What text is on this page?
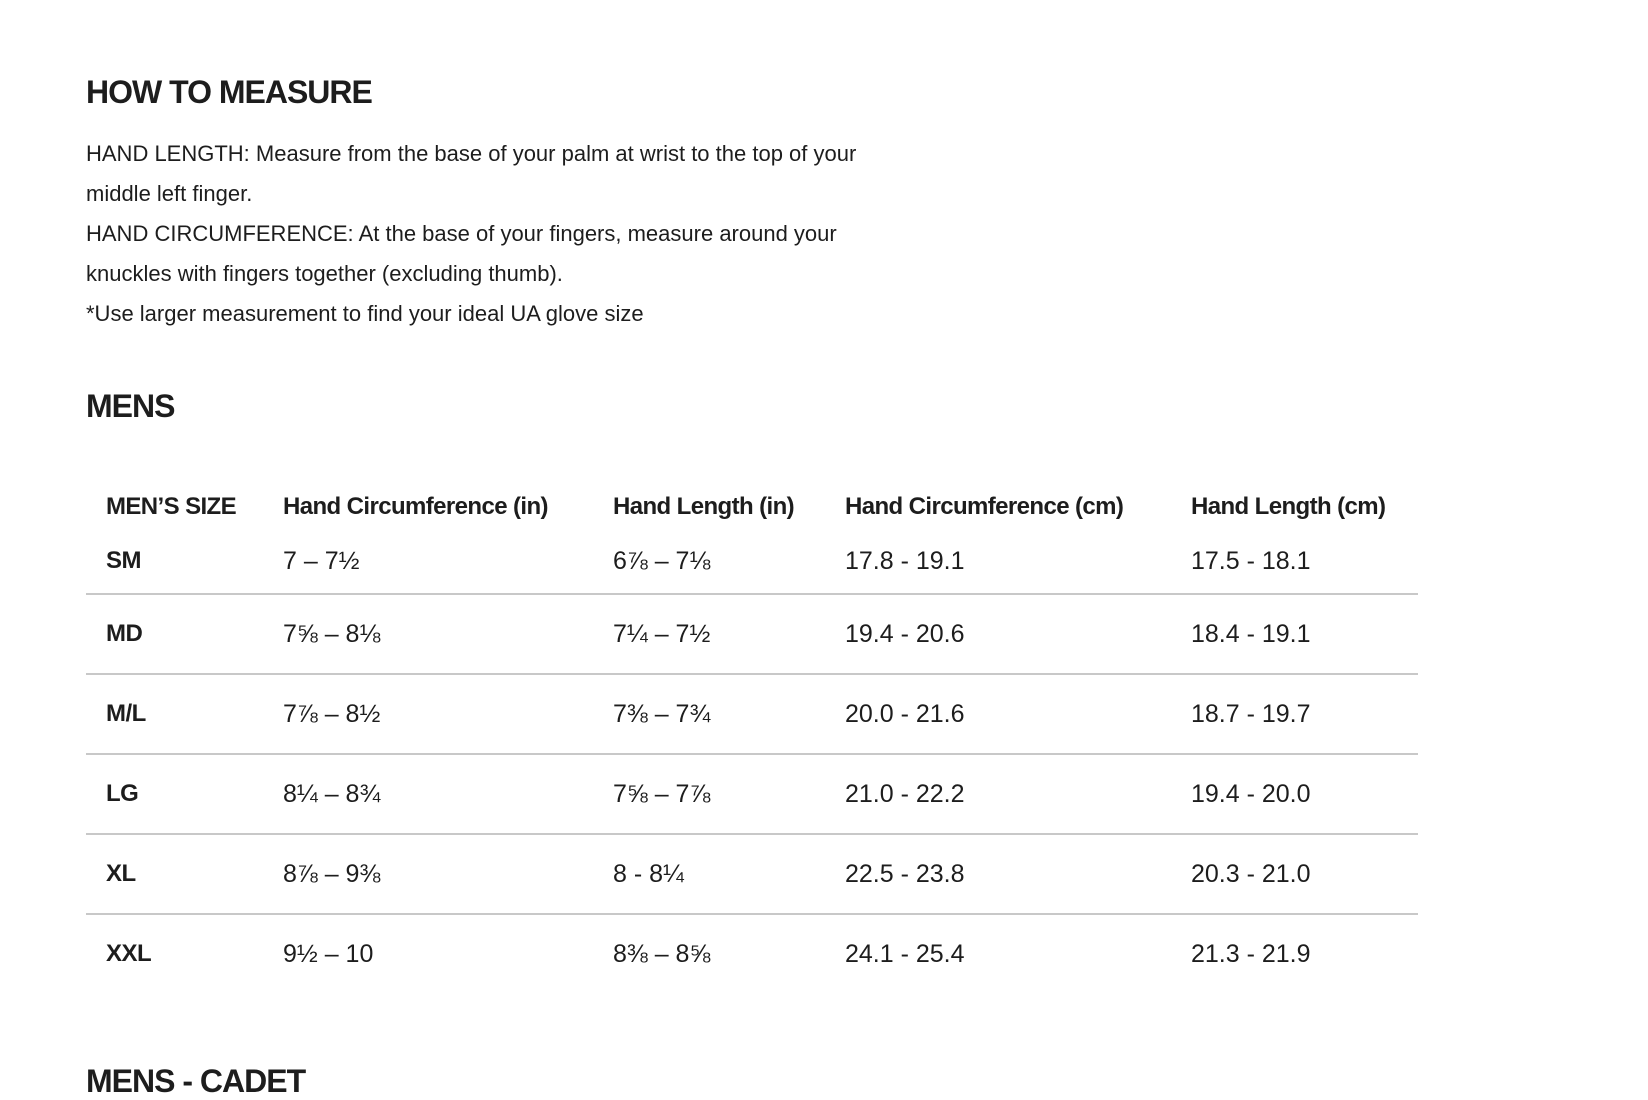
HOW TO MEASURE

HAND LENGTH: Measure from the base of your palm at wrist to the top of your middle left finger.

HAND CIRCUMFERENCE: At the base of your fingers, measure around your knuckles with fingers together (excluding thumb).

*Use larger measurement to find your ideal UA glove size

MENS
MEN’S SIZE	Hand Circumference (in)	Hand Length (in)	Hand Circumference (cm)	Hand Length (cm)
SM	7 – 7½	6⅞ – 7⅛	17.8 - 19.1	17.5 - 18.1
MD	7⅝ – 8⅛	7¼ – 7½	19.4 - 20.6	18.4 - 19.1
M/L	7⅞ – 8½	7⅜ – 7¾	20.0 - 21.6	18.7 - 19.7
LG	8¼ – 8¾	7⅝ – 7⅞	21.0 - 22.2	19.4 - 20.0
XL	8⅞ – 9⅜	8 - 8¼	22.5 - 23.8	20.3 - 21.0
XXL	9½ – 10	8⅜ – 8⅝	24.1 - 25.4	21.3 - 21.9
MENS - CADET
